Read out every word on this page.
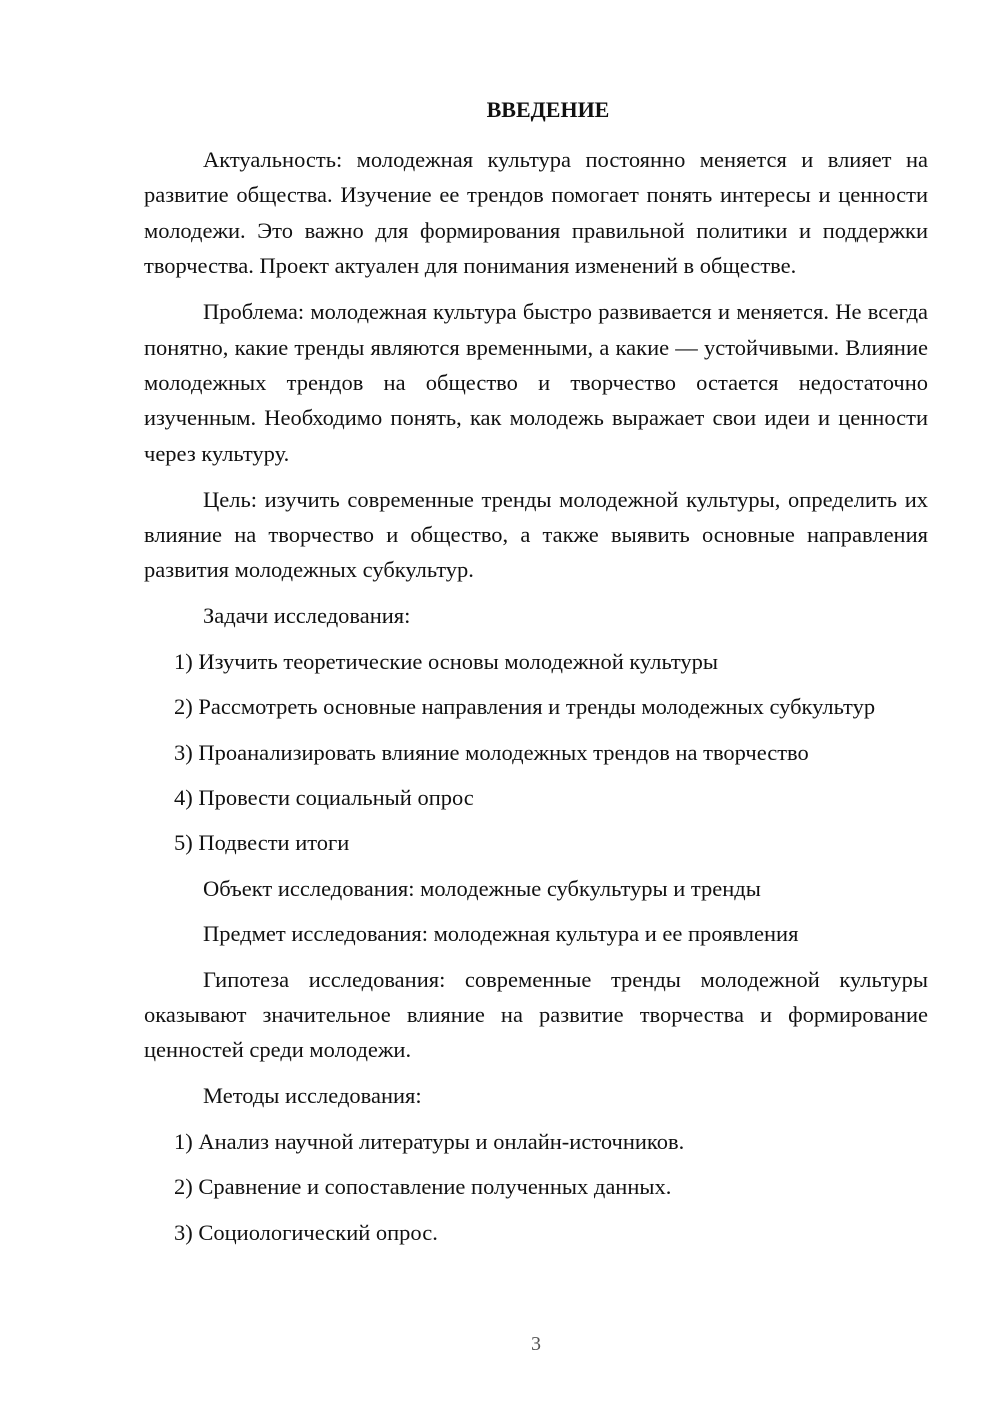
ВВЕДЕНИЕ

Актуальность: молодежная культура постоянно меняется и влияет на развитие общества. Изучение ее трендов помогает понять интересы и ценности молодежи. Это важно для формирования правильной политики и поддержки творчества. Проект актуален для понимания изменений в обществе.

Проблема: молодежная культура быстро развивается и меняется. Не всегда понятно, какие тренды являются временными, а какие — устойчивыми. Влияние молодежных трендов на общество и творчество остается недостаточно изученным. Необходимо понять, как молодежь выражает свои идеи и ценности через культуру.

Цель: изучить современные тренды молодежной культуры, определить их влияние на творчество и общество, а также выявить основные направления развития молодежных субкультур.

Задачи исследования:
1) Изучить теоретические основы молодежной культуры

2) Рассмотреть основные направления и тренды молодежных субкультур

3) Проанализировать влияние молодежных трендов на творчество
4) Провести социальный опрос
5) Подвести итоги
Объект исследования: молодежные субкультуры и тренды
Предмет исследования: молодежная культура и ее проявления

Гипотеза исследования: современные тренды молодежной культуры оказывают значительное влияние на развитие творчества и формирование ценностей среди молодежи.

Методы исследования:
1) Анализ научной литературы и онлайн-источников.
2) Сравнение и сопоставление полученных данных.
3) Социологический опрос.
3
